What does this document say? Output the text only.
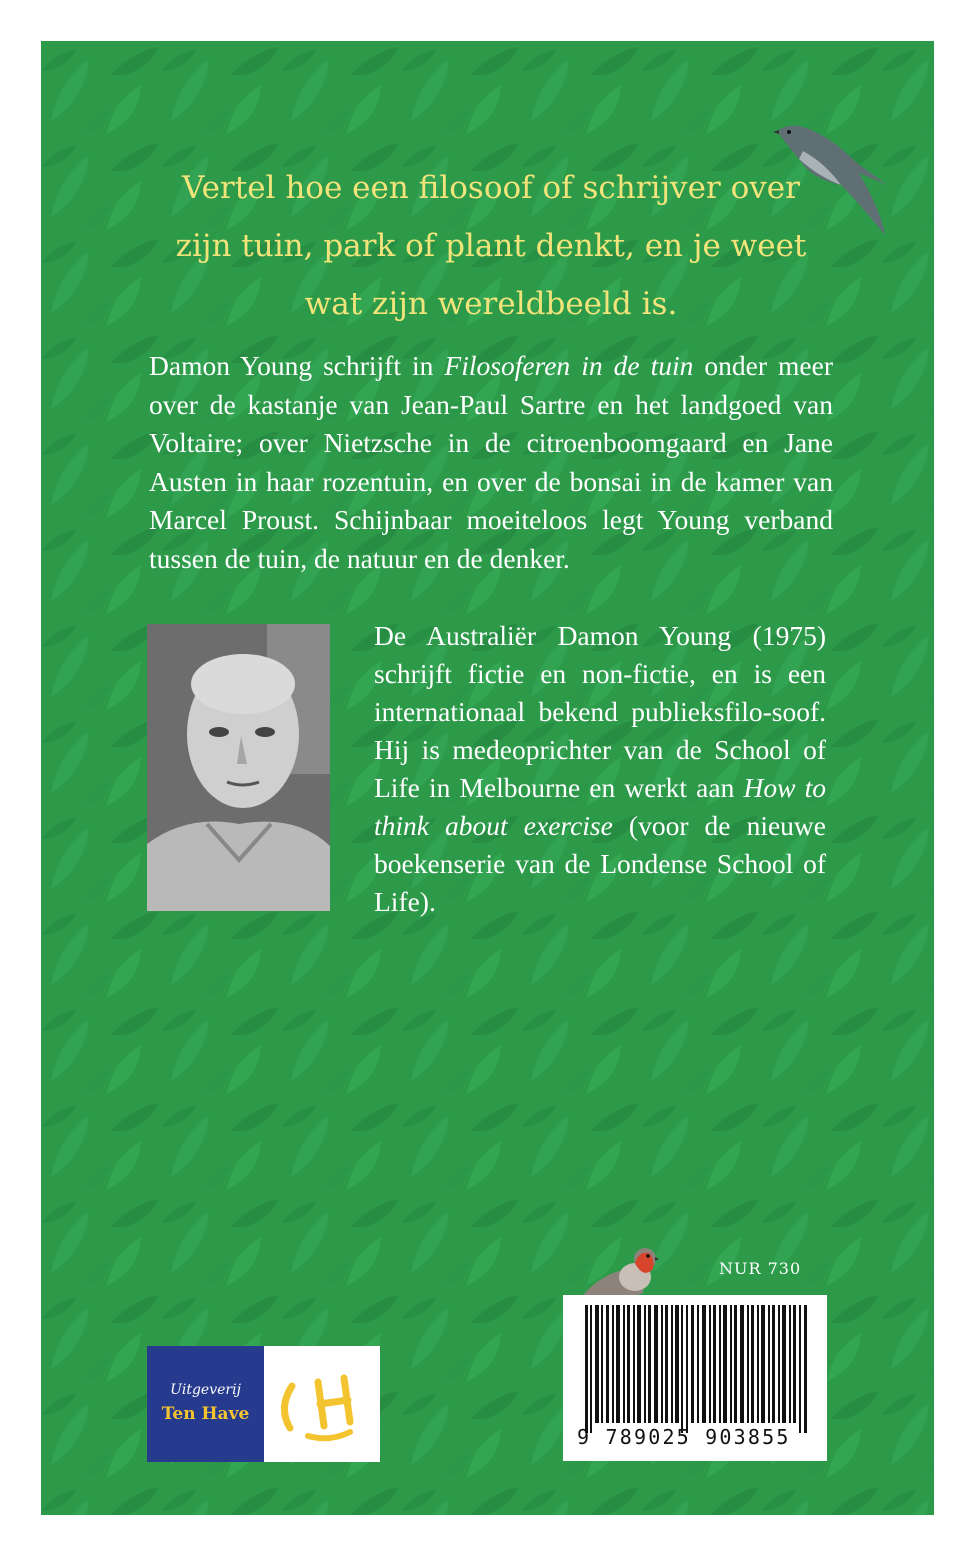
Vertel hoe een filosoof of schrijver over
zijn tuin, park of plant denkt, en je weet
wat zijn wereldbeeld is.
Damon Young schrijft in Filosoferen in de tuin onder meer over de kastanje van Jean-Paul Sartre en het landgoed van Voltaire; over Nietzsche in de citroenboomgaard en Jane Austen in haar rozentuin, en over de bonsai in de kamer van Marcel Proust. Schijnbaar moeiteloos legt Young verband tussen de tuin, de natuur en de denker.
De Australiër Damon Young (1975) schrijft fictie en non-fictie, en is een internationaal bekend publieksfilo-soof. Hij is medeoprichter van de School of Life in Melbourne en werkt aan How to think about exercise (voor de nieuwe boekenserie van de Londense School of Life).
Uitgeverij
Ten Have
NUR 730
9 789025 903855
